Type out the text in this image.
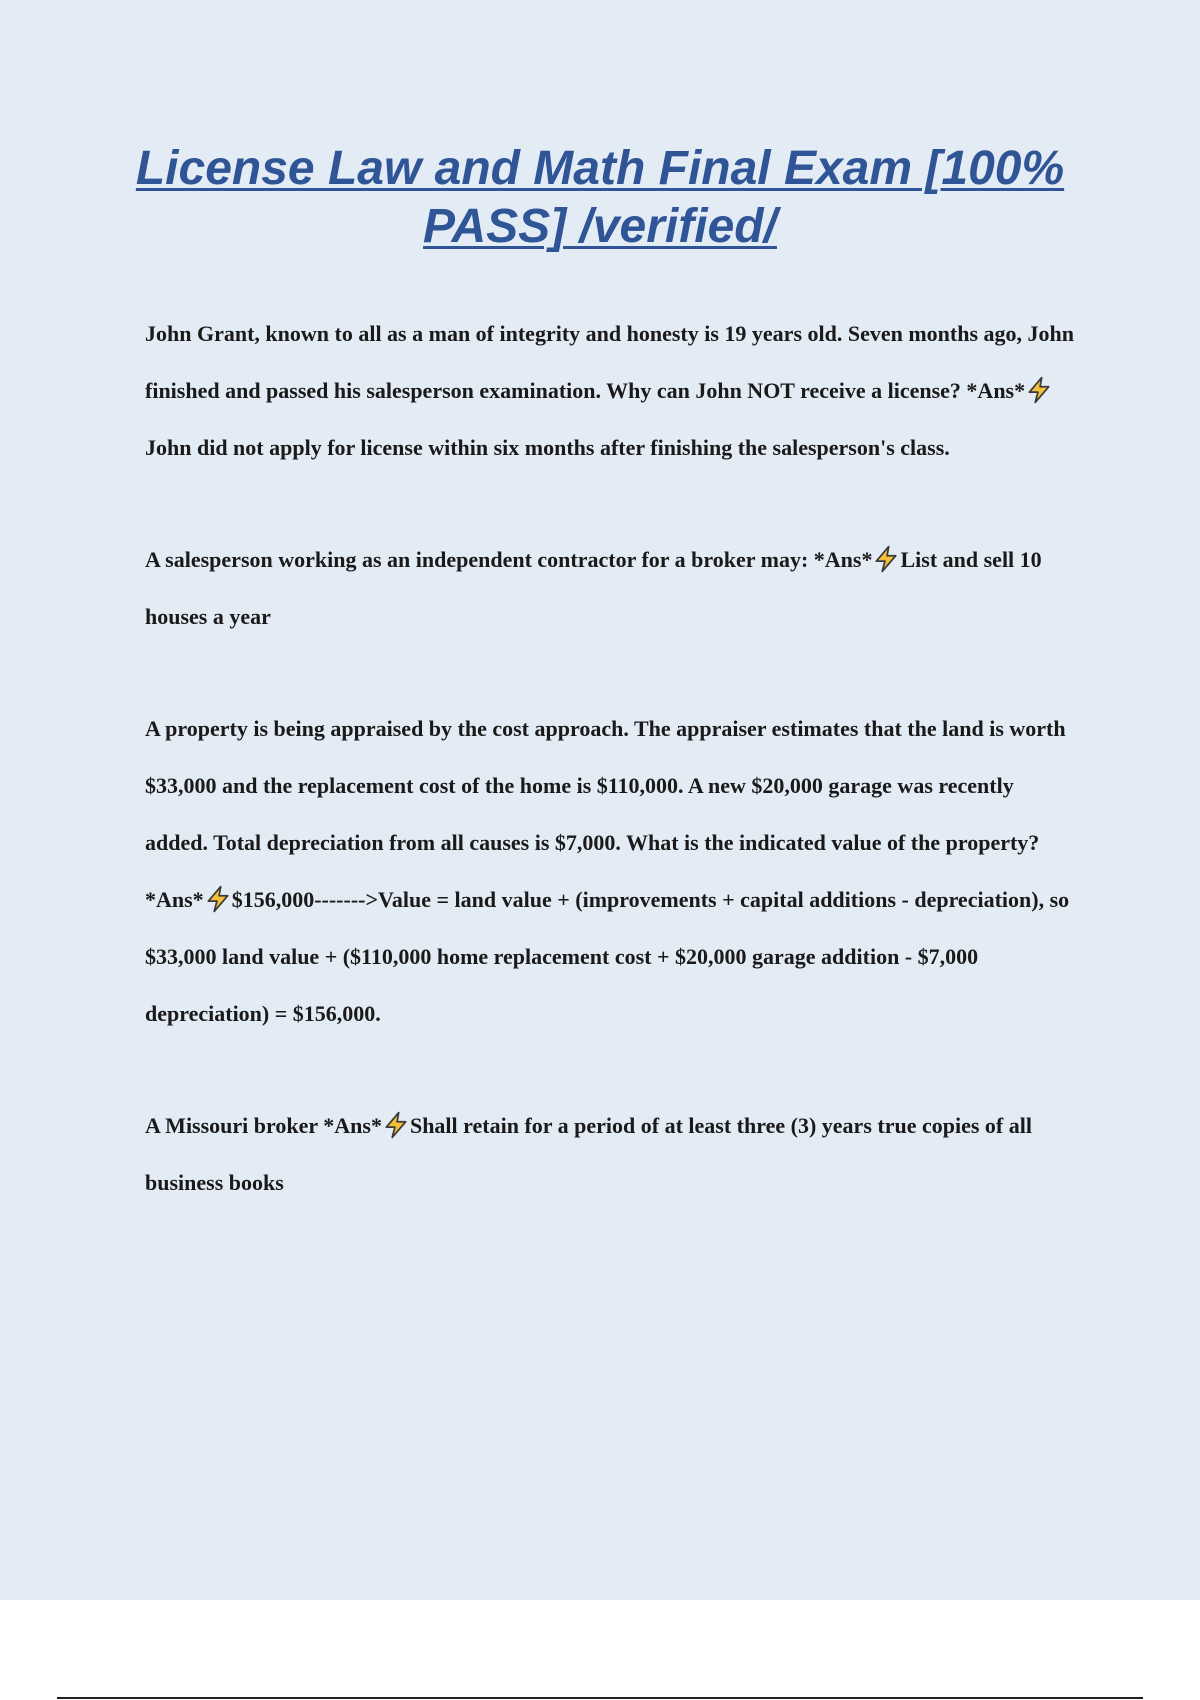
License Law and Math Final Exam [100% PASS] /verified/

John Grant, known to all as a man of integrity and honesty is 19 years old. Seven months ago, John finished and passed his salesperson examination. Why can John NOT receive a license? *Ans*John did not apply for license within six months after finishing the salesperson's class.

A salesperson working as an independent contractor for a broker may: *Ans* List and sell 10 houses a year

A property is being appraised by the cost approach. The appraiser estimates that the land is worth $33,000 and the replacement cost of the home is $110,000. A new $20,000 garage was recently added. Total depreciation from all causes is $7,000. What is the indicated value of the property? *Ans* $156,000------->Value = land value + (improvements + capital additions - depreciation), so $33,000 land value + ($110,000 home replacement cost + $20,000 garage addition - $7,000 depreciation) = $156,000.

A Missouri broker *Ans* Shall retain for a period of at least three (3) years true copies of all business books
